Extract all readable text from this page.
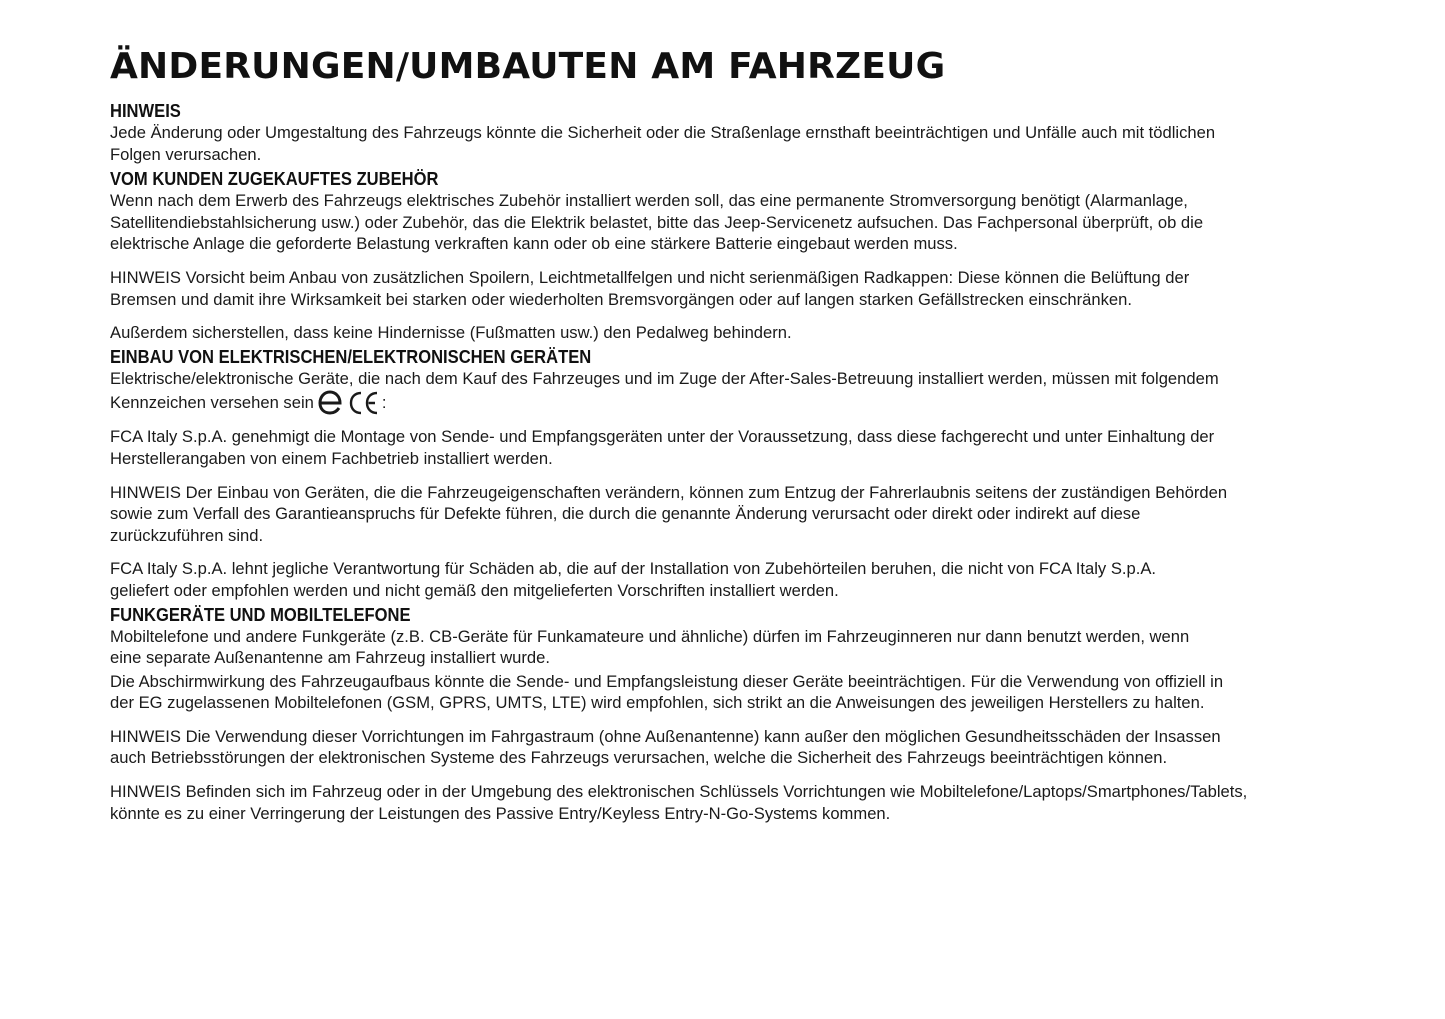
ÄNDERUNGEN/UMBAUTEN AM FAHRZEUG
HINWEIS

Jede Änderung oder Umgestaltung des Fahrzeugs könnte die Sicherheit oder die Straßenlage ernsthaft beeinträchtigen und Unfälle auch mit tödlichen
Folgen verursachen.

VOM KUNDEN ZUGEKAUFTES ZUBEHÖR

Wenn nach dem Erwerb des Fahrzeugs elektrisches Zubehör installiert werden soll, das eine permanente Stromversorgung benötigt (Alarmanlage,
Satellitendiebstahlsicherung usw.) oder Zubehör, das die Elektrik belastet, bitte das Jeep-Servicenetz aufsuchen. Das Fachpersonal überprüft, ob die
elektrische Anlage die geforderte Belastung verkraften kann oder ob eine stärkere Batterie eingebaut werden muss.

HINWEIS Vorsicht beim Anbau von zusätzlichen Spoilern, Leichtmetallfelgen und nicht serienmäßigen Radkappen: Diese können die Belüftung der
Bremsen und damit ihre Wirksamkeit bei starken oder wiederholten Bremsvorgängen oder auf langen starken Gefällstrecken einschränken.

Außerdem sicherstellen, dass keine Hindernisse (Fußmatten usw.) den Pedalweg behindern.

EINBAU VON ELEKTRISCHEN/ELEKTRONISCHEN GERÄTEN

Elektrische/elektronische Geräte, die nach dem Kauf des Fahrzeuges und im Zuge der After-Sales-Betreuung installiert werden, müssen mit folgendem
Kennzeichen versehen sein	:

FCA Italy S.p.A. genehmigt die Montage von Sende- und Empfangsgeräten unter der Voraussetzung, dass diese fachgerecht und unter Einhaltung der
Herstellerangaben von einem Fachbetrieb installiert werden.

HINWEIS Der Einbau von Geräten, die die Fahrzeugeigenschaften verändern, können zum Entzug der Fahrerlaubnis seitens der zuständigen Behörden
sowie zum Verfall des Garantieanspruchs für Defekte führen, die durch die genannte Änderung verursacht oder direkt oder indirekt auf diese
zurückzuführen sind.

FCA Italy S.p.A. lehnt jegliche Verantwortung für Schäden ab, die auf der Installation von Zubehörteilen beruhen, die nicht von FCA Italy S.p.A.
geliefert oder empfohlen werden und nicht gemäß den mitgelieferten Vorschriften installiert werden.

FUNKGERÄTE UND MOBILTELEFONE

Mobiltelefone und andere Funkgeräte (z.B. CB-Geräte für Funkamateure und ähnliche) dürfen im Fahrzeuginneren nur dann benutzt werden, wenn
eine separate Außenantenne am Fahrzeug installiert wurde.

Die Abschirmwirkung des Fahrzeugaufbaus könnte die Sende- und Empfangsleistung dieser Geräte beeinträchtigen. Für die Verwendung von offiziell in
der EG zugelassenen Mobiltelefonen (GSM, GPRS, UMTS, LTE) wird empfohlen, sich strikt an die Anweisungen des jeweiligen Herstellers zu halten.

HINWEIS Die Verwendung dieser Vorrichtungen im Fahrgastraum (ohne Außenantenne) kann außer den möglichen Gesundheitsschäden der Insassen
auch Betriebsstörungen der elektronischen Systeme des Fahrzeugs verursachen, welche die Sicherheit des Fahrzeugs beeinträchtigen können.

HINWEIS Befinden sich im Fahrzeug oder in der Umgebung des elektronischen Schlüssels Vorrichtungen wie Mobiltelefone/Laptops/Smartphones/Tablets,
könnte es zu einer Verringerung der Leistungen des Passive Entry/Keyless Entry-N-Go-Systems kommen.
